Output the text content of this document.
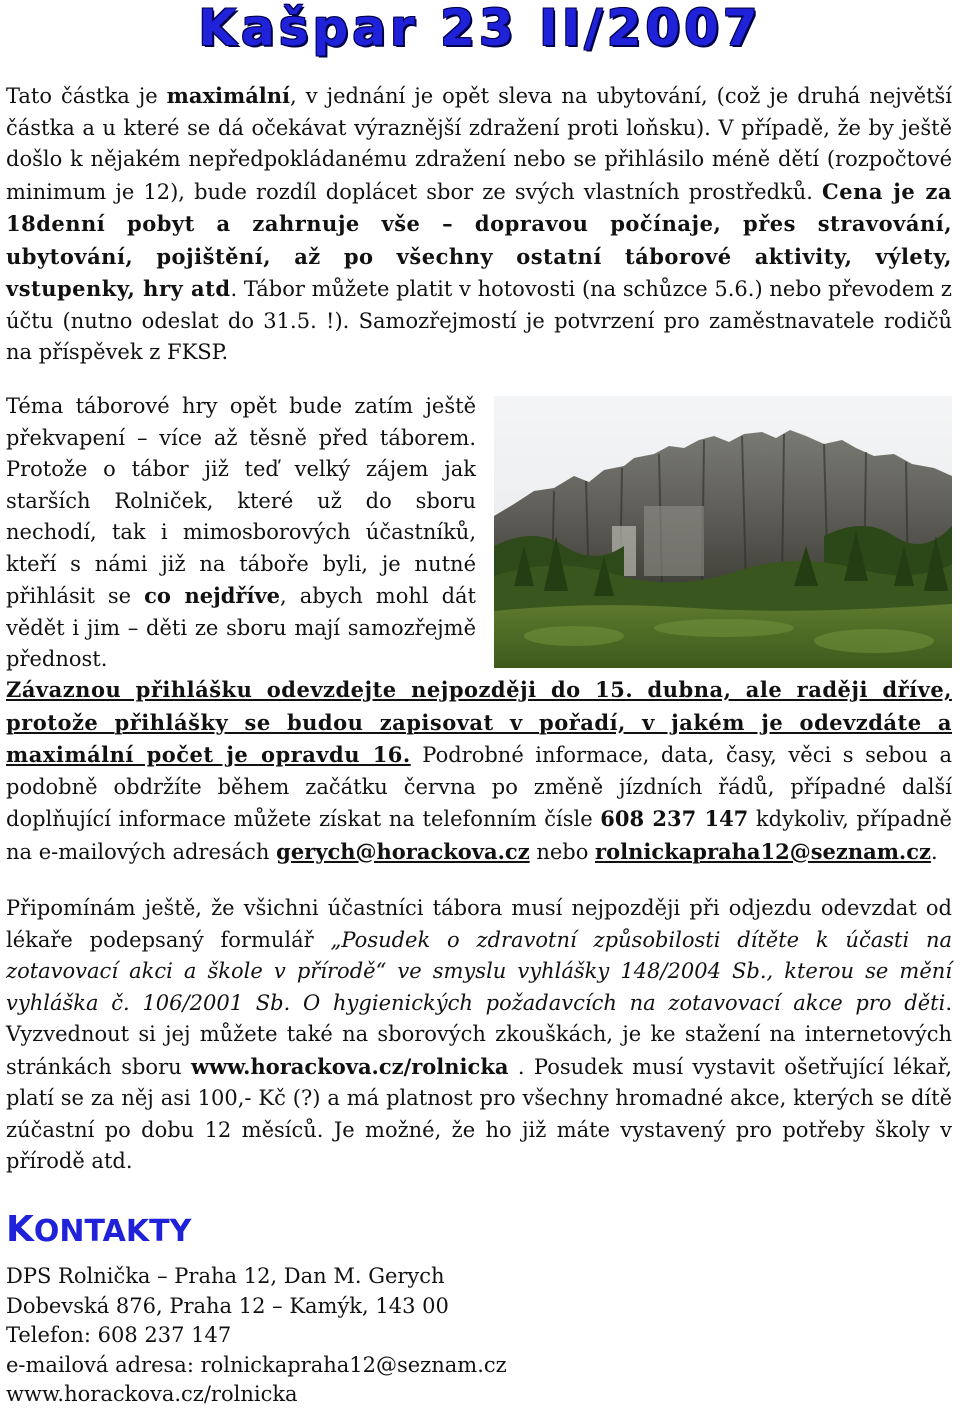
Kašpar 23 II/2007

Tato částka je maximální, v jednání je opět sleva na ubytování, (což je druhá největší částka a u které se dá očekávat výraznější zdražení proti loňsku). V případě, že by ještě došlo k nějakém nepředpokládanému zdražení nebo se přihlásilo méně dětí (rozpočtové minimum je 12), bude rozdíl doplácet sbor ze svých vlastních prostředků. Cena je za 18denní pobyt a zahrnuje vše – dopravou počínaje, přes stravování, ubytování, pojištění, až po všechny ostatní táborové aktivity, výlety, vstupenky, hry atd. Tábor můžete platit v hotovosti (na schůzce 5.6.) nebo převodem z účtu (nutno odeslat do 31.5. !). Samozřejmostí je potvrzení pro zaměstnavatele rodičů na příspěvek z FKSP.

Téma táborové hry opět bude zatím ještě překvapení – více až těsně před táborem. Protože o tábor již teď velký zájem jak starších Rolniček, které už do sboru nechodí, tak i mimosborových účastníků, kteří s námi již na táboře byli, je nutné přihlásit se co nejdříve, abych mohl dát vědět i jim – děti ze sboru mají samozřejmě přednost.

Závaznou přihlášku odevzdejte nejpozději do 15. dubna, ale raději dříve, protože přihlášky se budou zapisovat v pořadí, v jakém je odevzdáte a maximální počet je opravdu 16. Podrobné informace, data, časy, věci s sebou a podobně obdržíte během začátku června po změně jízdních řádů, případné další doplňující informace můžete získat na telefonním čísle 608 237 147 kdykoliv, případně na e-mailových adresách gerych@horackova.cz nebo rolnickapraha12@seznam.cz.

Připomínám ještě, že všichni účastníci tábora musí nejpozději při odjezdu odevzdat od lékaře podepsaný formulář „Posudek o zdravotní způsobilosti dítěte k účasti na zotavovací akci a škole v přírodě“ ve smyslu vyhlášky 148/2004 Sb., kterou se mění vyhláška č. 106/2001 Sb. O hygienických požadavcích na zotavovací akce pro děti. Vyzvednout si jej můžete také na sborových zkouškách, je ke stažení na internetových stránkách sboru www.horackova.cz/rolnicka . Posudek musí vystavit ošetřující lékař, platí se za něj asi 100,- Kč (?) a má platnost pro všechny hromadné akce, kterých se dítě zúčastní po dobu 12 měsíců. Je možné, že ho již máte vystavený pro potřeby školy v přírodě atd.

KONTAKTY
DPS Rolnička – Praha 12, Dan M. Gerych
Dobevská 876, Praha 12 – Kamýk, 143 00
Telefon: 608 237 147
e-mailová adresa: rolnickapraha12@seznam.cz
www.horackova.cz/rolnicka
